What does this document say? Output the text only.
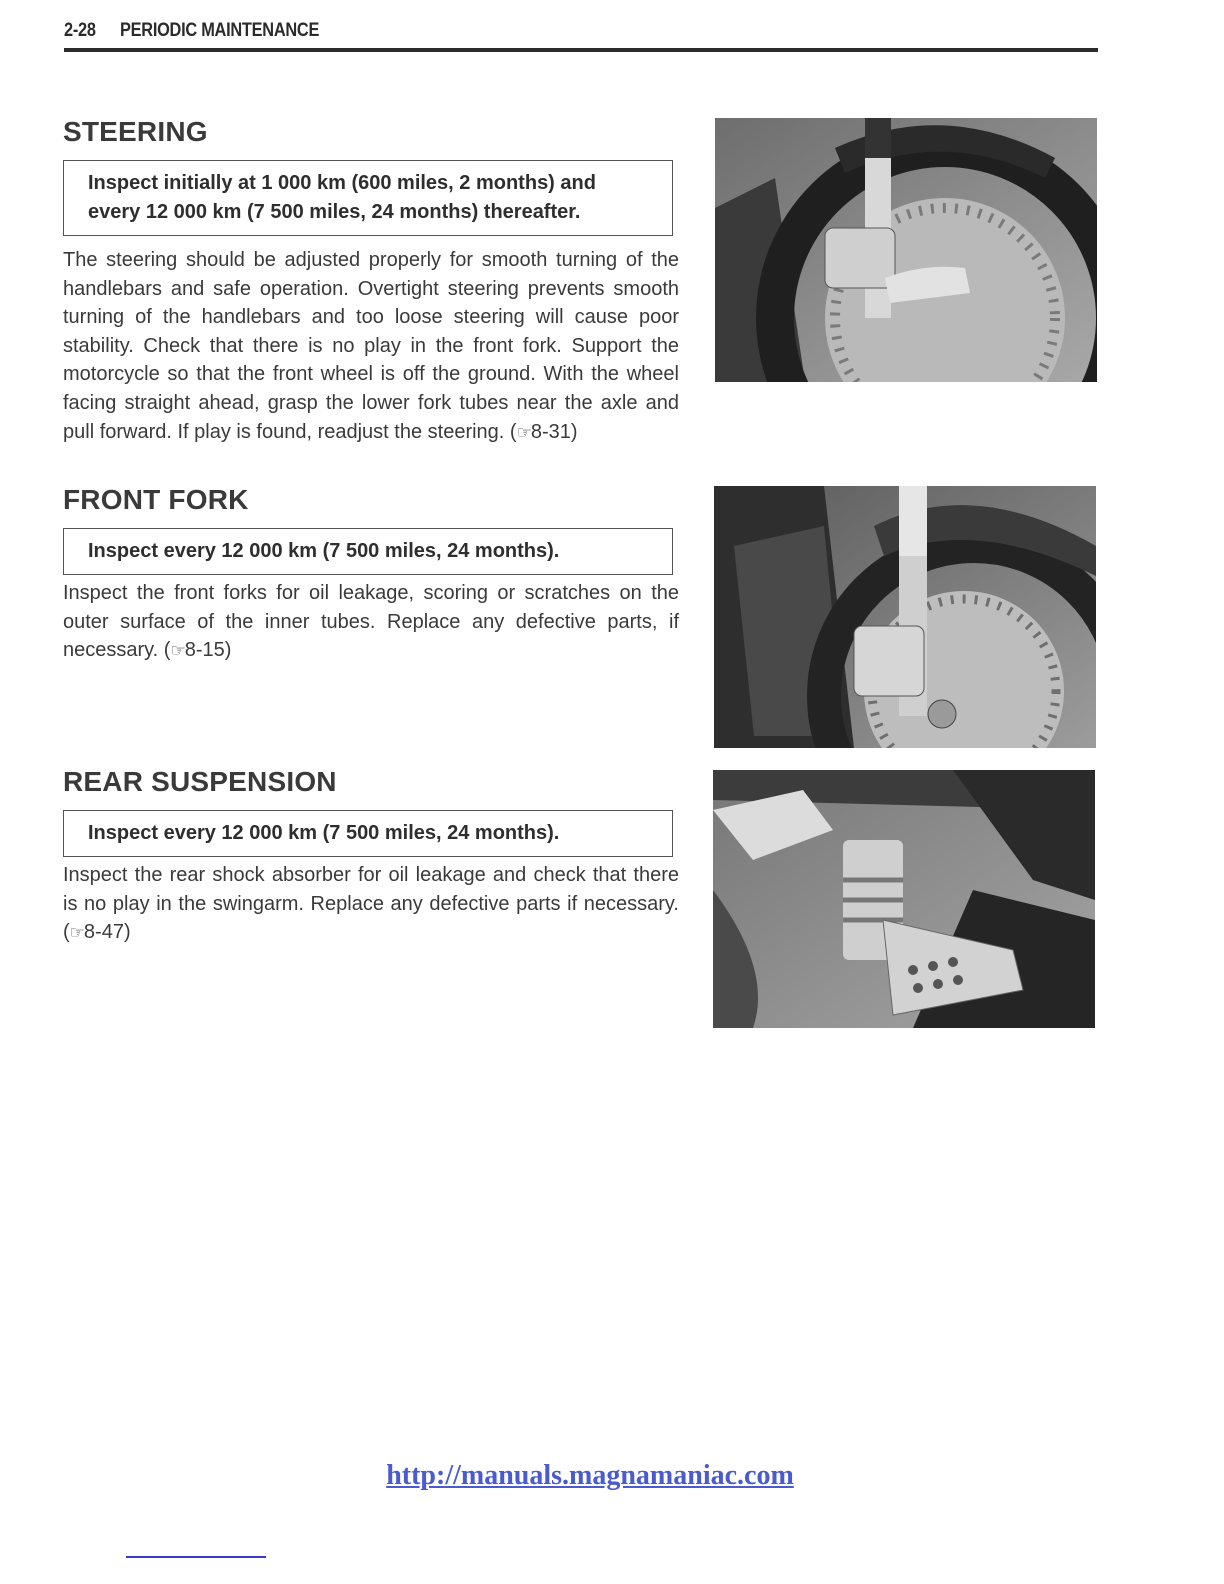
2-28 PERIODIC MAINTENANCE
STEERING
Inspect initially at 1 000 km (600 miles, 2 months) and every 12 000 km (7 500 miles, 24 months) thereafter.

The steering should be adjusted properly for smooth turning of the handlebars and safe operation. Overtight steering prevents smooth turning of the handlebars and too loose steering will cause poor stability. Check that there is no play in the front fork. Support the motorcycle so that the front wheel is off the ground. With the wheel facing straight ahead, grasp the lower fork tubes near the axle and pull forward. If play is found, readjust the steering. (☞8-31)

FRONT FORK
Inspect every 12 000 km (7 500 miles, 24 months).

Inspect the front forks for oil leakage, scoring or scratches on the outer surface of the inner tubes. Replace any defective parts, if necessary. (☞8-15)

REAR SUSPENSION
Inspect every 12 000 km (7 500 miles, 24 months).

Inspect the rear shock absorber for oil leakage and check that there is no play in the swingarm. Replace any defective parts if necessary. (☞8-47)

http://manuals.magnamaniac.com
